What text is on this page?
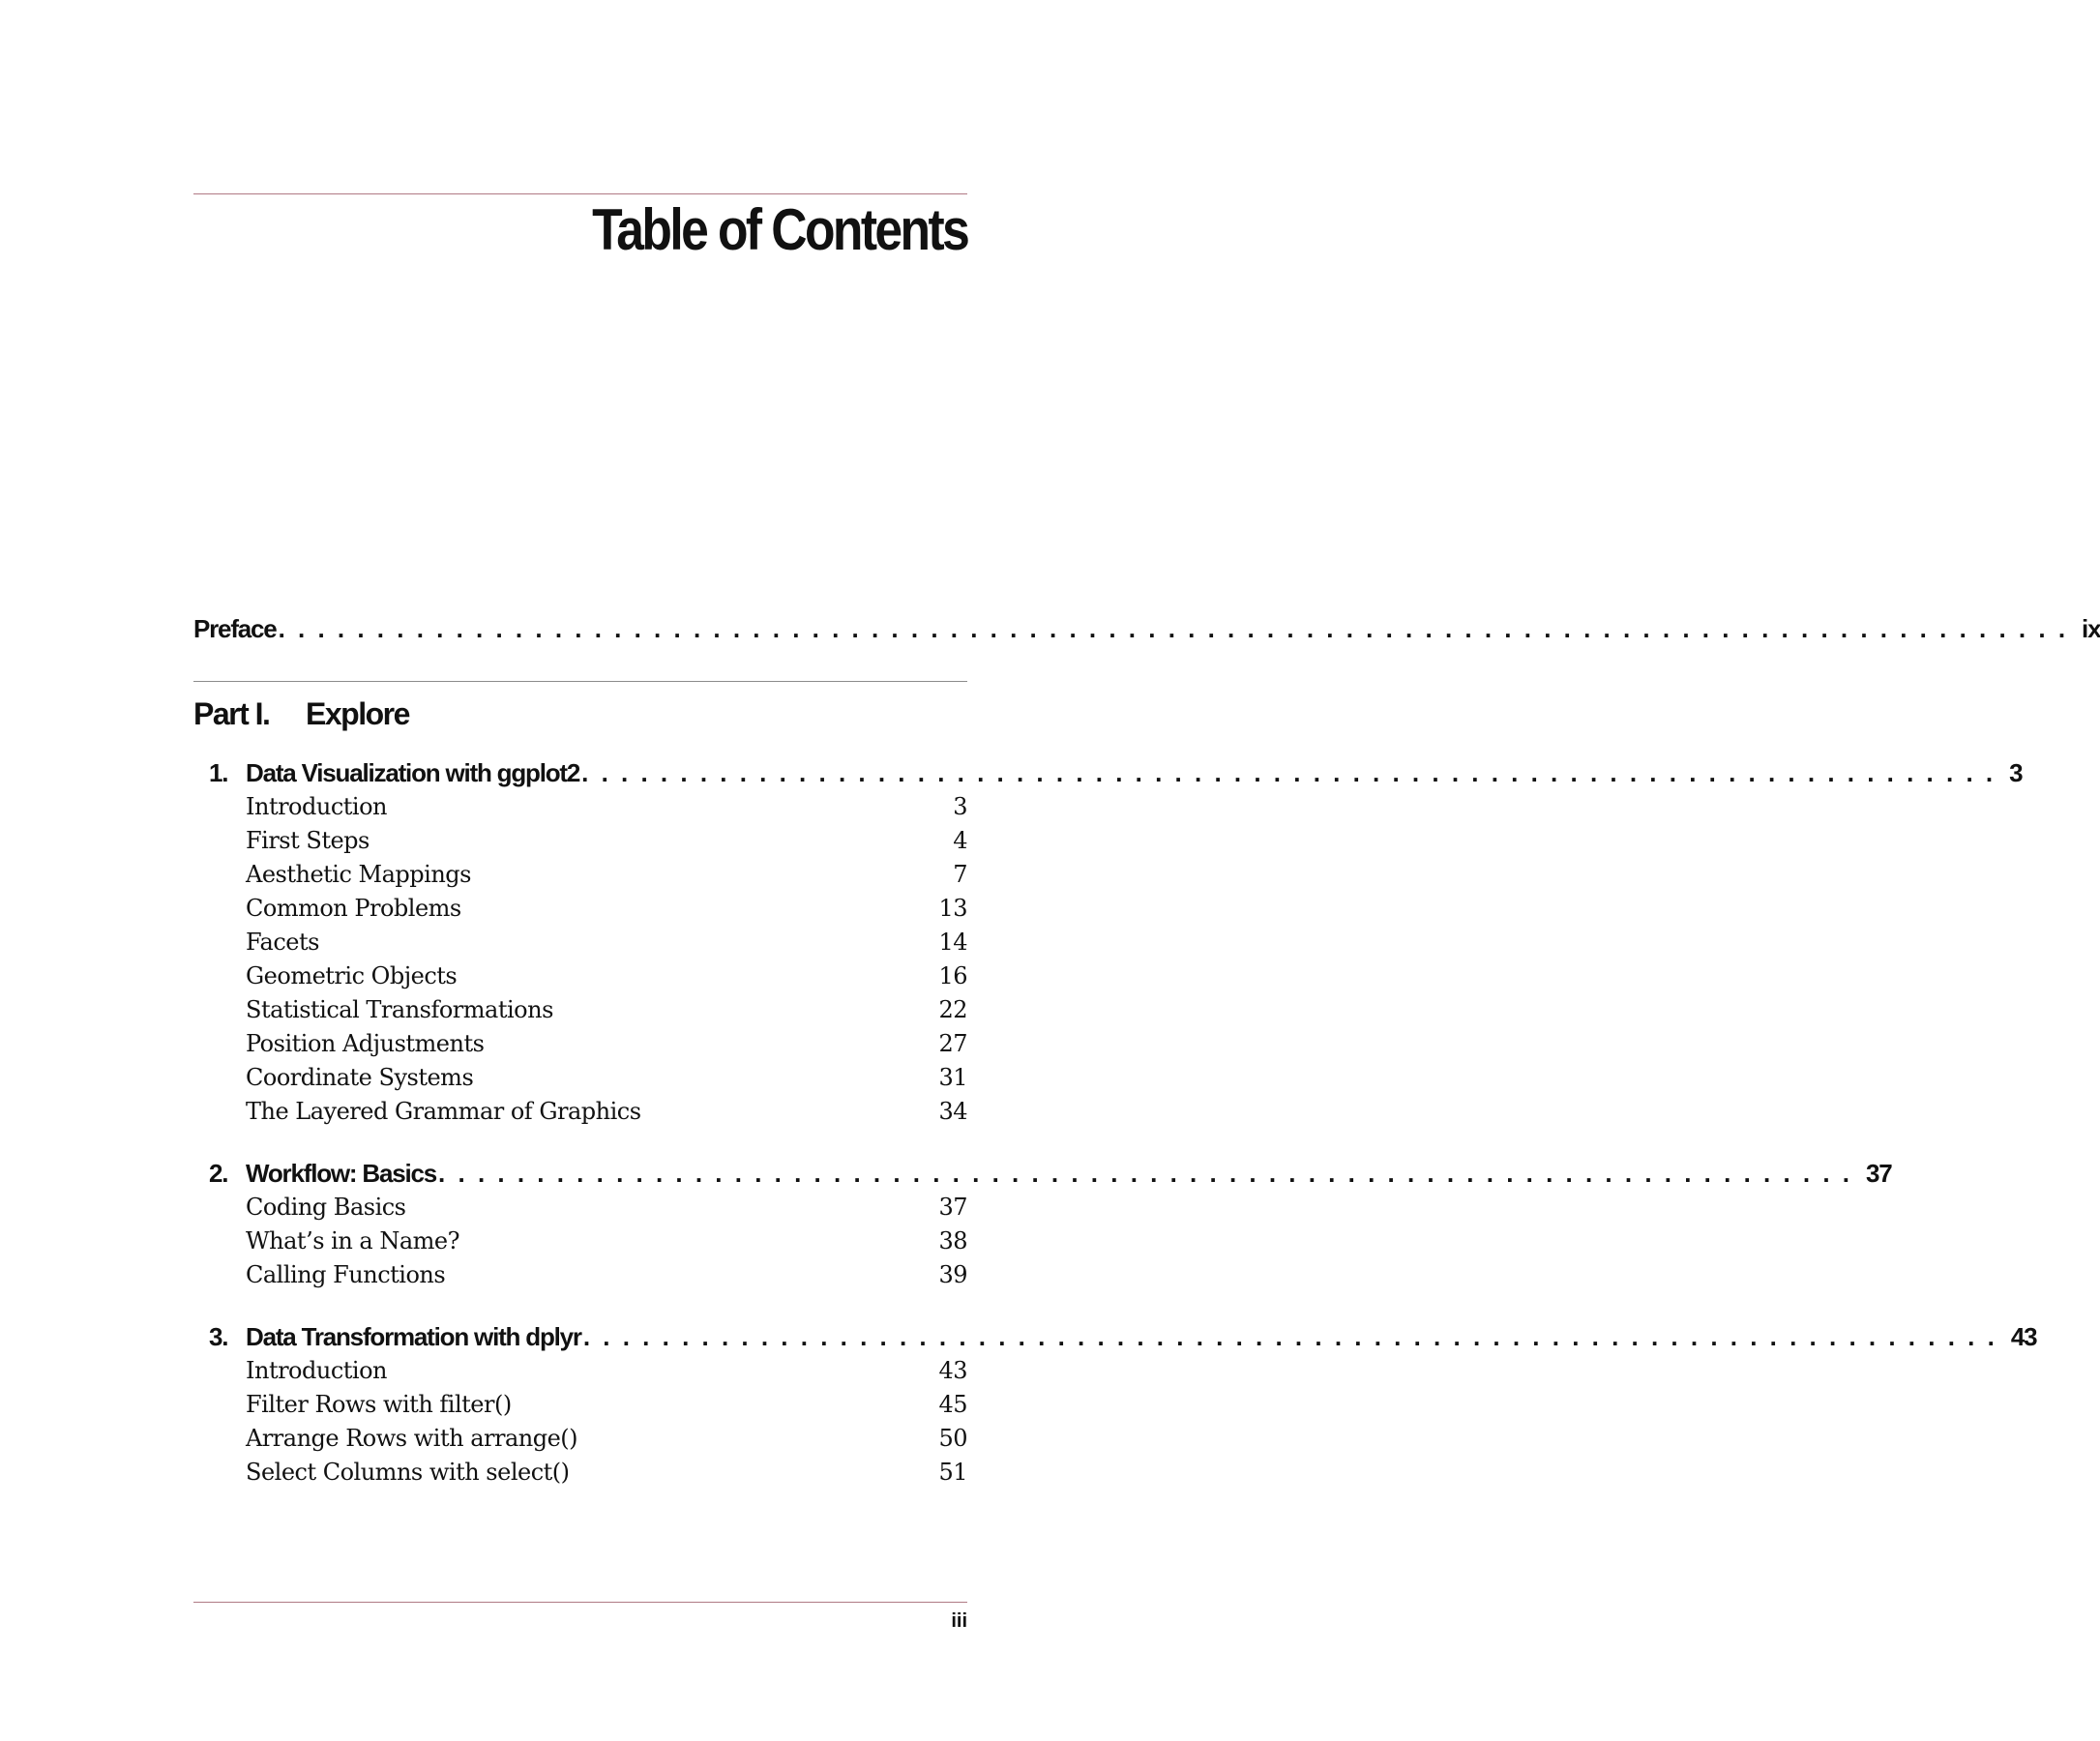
Table of Contents
Preface . . . . . . . . . . . . . . . . . . . . . . . . . . . . . . . . . . . . . . . . . . . . . . . . . . . . . . . . . . . . . . . . . . . . . . . . . . . . . . . . . . . . . . . . . . . ix
Part I. Explore
1. Data Visualization with ggplot2 . . . . . . . . . . . . . . . . . . . . . . . . . . . . . . . . . . . . . . . . . . . . . . . . . . . . . . . . . . . . . . . . . . . . . . . . 3
Introduction	3
First Steps	4
Aesthetic Mappings	7
Common Problems	13
Facets	14
Geometric Objects	16
Statistical Transformations	22
Position Adjustments	27
Coordinate Systems	31
The Layered Grammar of Graphics	34
2. Workflow: Basics . . . . . . . . . . . . . . . . . . . . . . . . . . . . . . . . . . . . . . . . . . . . . . . . . . . . . . . . . . . . . . . . . . . . . . . . 37
Coding Basics	37
What’s in a Name?	38
Calling Functions	39
3. Data Transformation with dplyr . . . . . . . . . . . . . . . . . . . . . . . . . . . . . . . . . . . . . . . . . . . . . . . . . . . . . . . . . . . . . . . . . . . . . . . . 43
Introduction	43
Filter Rows with filter()	45
Arrange Rows with arrange()	50
Select Columns with select()	51
iii
